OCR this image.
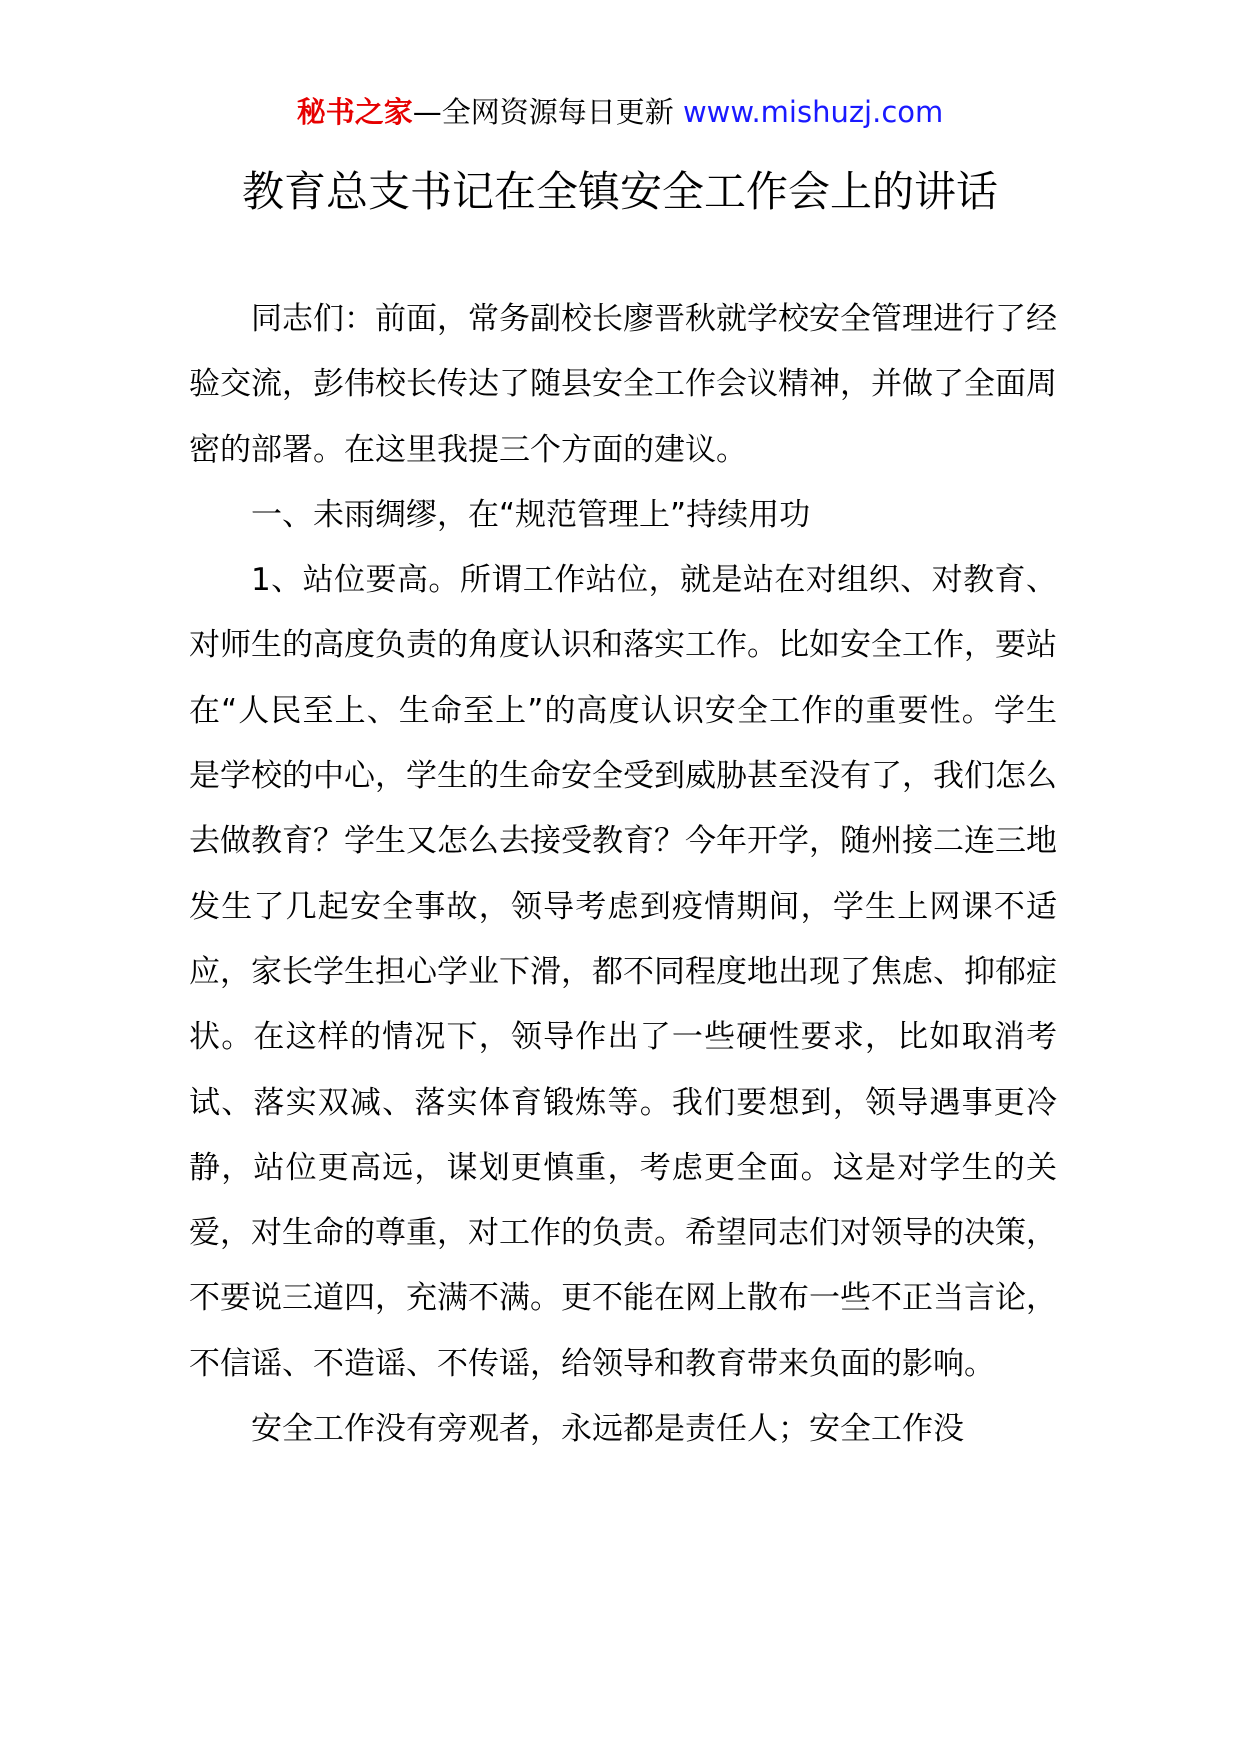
秘书之家—全网资源每日更新 www.mishuzj.com
教育总支书记在全镇安全工作会上的讲话

同志们：前面，常务副校长廖晋秋就学校安全管理进行了经验交流，彭伟校长传达了随县安全工作会议精神，并做了全面周密的部署。在这里我提三个方面的建议。

一、未雨绸缪，在“规范管理上”持续用功

1、站位要高。所谓工作站位，就是站在对组织、对教育、对师生的高度负责的角度认识和落实工作。比如安全工作，要站在“人民至上、生命至上”的高度认识安全工作的重要性。学生是学校的中心，学生的生命安全受到威胁甚至没有了，我们怎么去做教育？学生又怎么去接受教育？今年开学，随州接二连三地发生了几起安全事故，领导考虑到疫情期间，学生上网课不适应，家长学生担心学业下滑，都不同程度地出现了焦虑、抑郁症状。在这样的情况下，领导作出了一些硬性要求，比如取消考试、落实双减、落实体育锻炼等。我们要想到，领导遇事更冷静，站位更高远，谋划更慎重，考虑更全面。这是对学生的关爱，对生命的尊重，对工作的负责。希望同志们对领导的决策，不要说三道四，充满不满。更不能在网上散布一些不正当言论，不信谣、不造谣、不传谣，给领导和教育带来负面的影响。

安全工作没有旁观者，永远都是责任人；安全工作没
